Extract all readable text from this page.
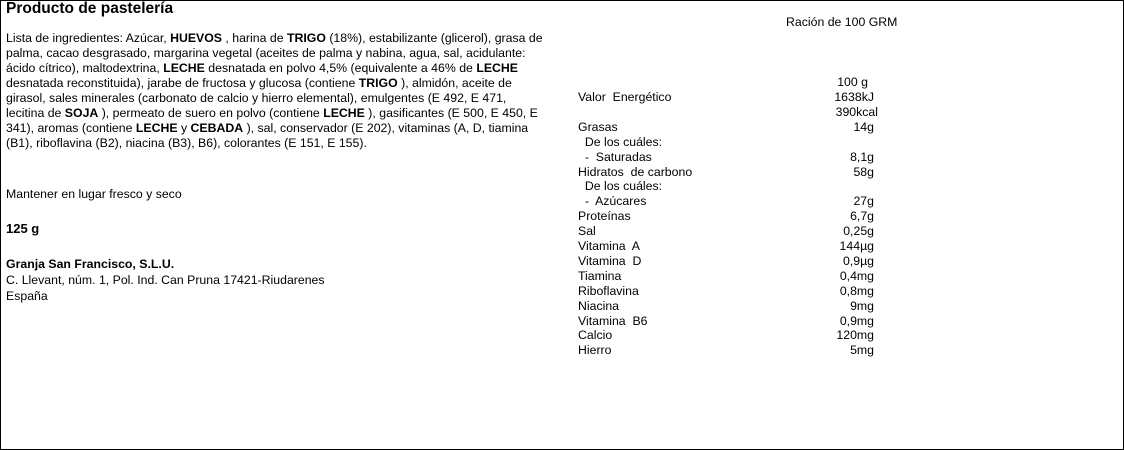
Producto de pastelería
Lista de ingredientes: Azúcar, HUEVOS , harina de TRIGO (18%), estabilizante (glicerol), grasa de palma, cacao desgrasado, margarina vegetal (aceites de palma y nabina, agua, sal, acidulante: ácido cítrico), maltodextrina, LECHE desnatada en polvo 4,5% (equivalente a 46% de LECHE desnatada reconstituida), jarabe de fructosa y glucosa (contiene TRIGO ), almidón, aceite de girasol, sales minerales (carbonato de calcio y hierro elemental), emulgentes (E 492, E 471, lecitina de SOJA ), permeato de suero en polvo (contiene LECHE ), gasificantes (E 500, E 450, E 341), aromas (contiene LECHE y CEBADA ), sal, conservador (E 202), vitaminas (A, D, tiamina (B1), riboflavina (B2), niacina (B3), B6), colorantes (E 151, E 155).
Mantener en lugar fresco y seco
125 g
Granja San Francisco, S.L.U.
C. Llevant, núm. 1, Pol. Ind. Can Pruna 17421-Riudarenes
España
Ración de 100 GRM
100 g
Valor  Energético	1638kJ
390kcal
Grasas	14g
De los cuáles:
-  Saturadas	8,1g
Hidratos  de carbono	58g
De los cuáles:
-  Azúcares	27g
Proteínas	6,7g
Sal	0,25g
Vitamina  A	144µg
Vitamina  D	0,9µg
Tiamina	0,4mg
Riboflavina	0,8mg
Niacina	9mg
Vitamina  B6	0,9mg
Calcio	120mg
Hierro	5mg
